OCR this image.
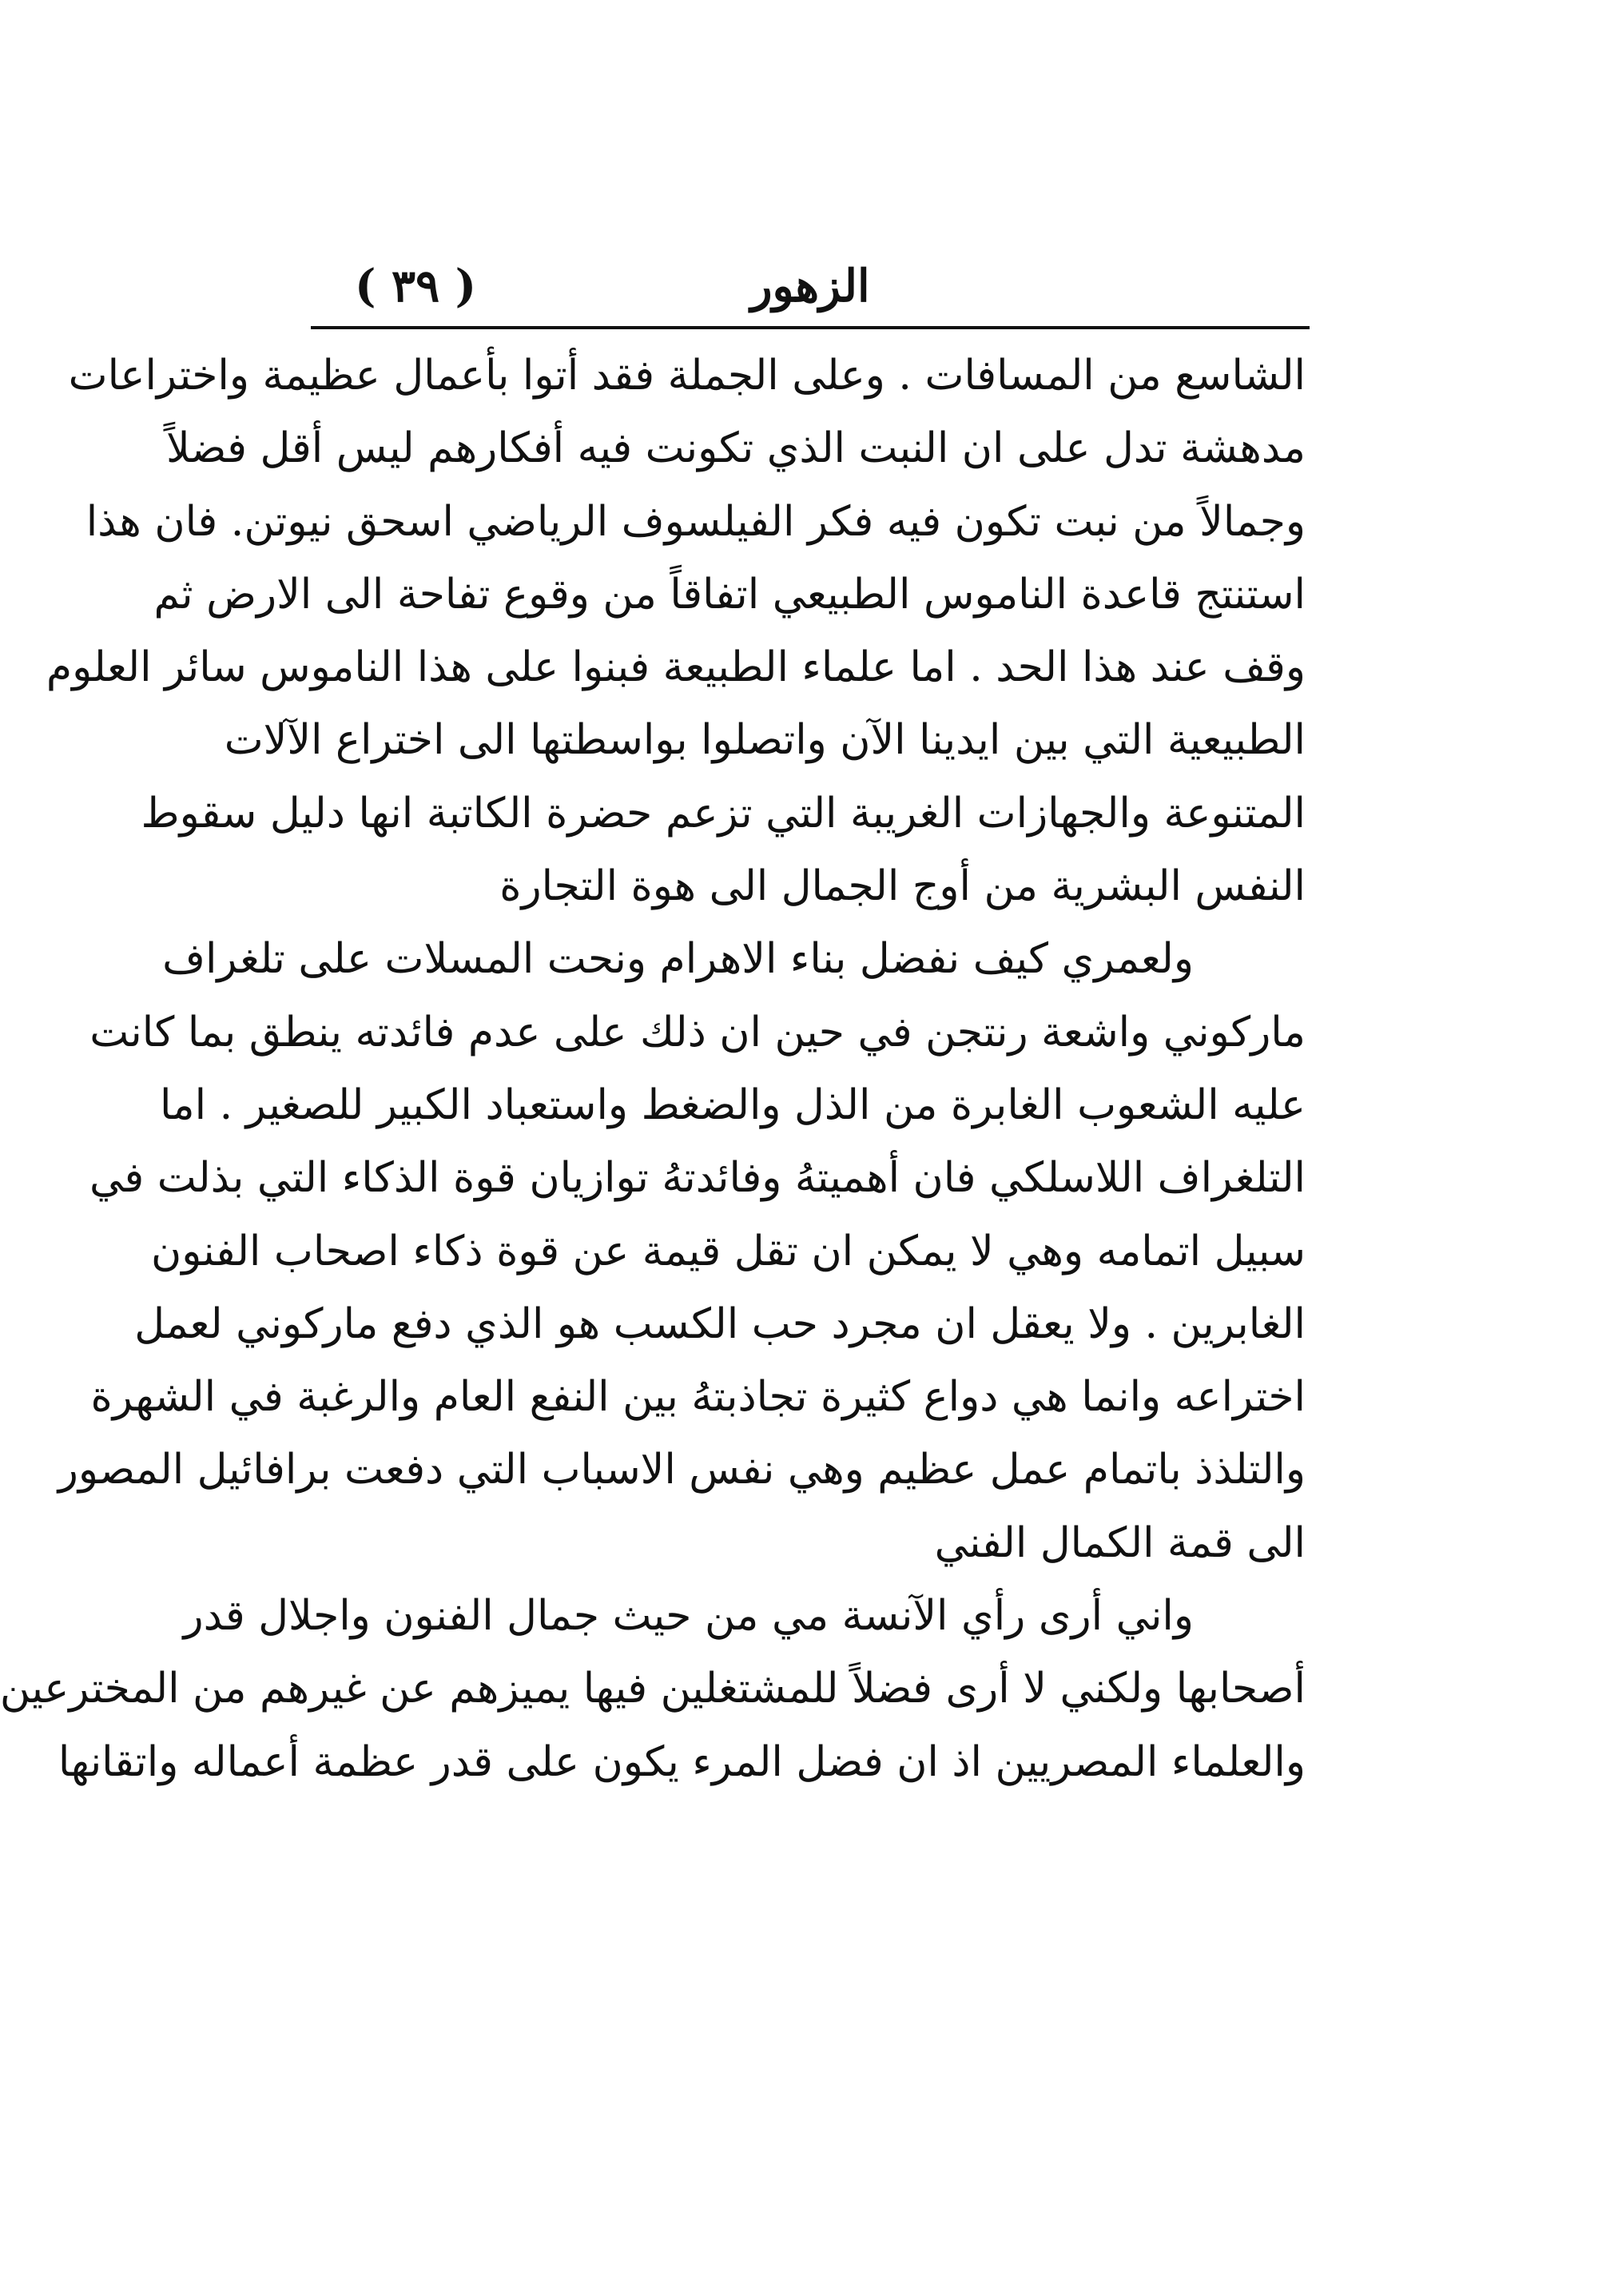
الزهور
( ٣٩ )
الشاسع من المسافات . وعلى الجملة فقد أتوا بأعمال عظيمة واختراعات
مدهشة تدل على ان النبت الذي تكونت فيه أفكارهم ليس أقل فضلاً
وجمالاً من نبت تكون فيه فكر الفيلسوف الرياضي اسحق نيوتن. فان هذا
استنتج قاعدة الناموس الطبيعي اتفاقاً من وقوع تفاحة الى الارض ثم
وقف عند هذا الحد . اما علماء الطبيعة فبنوا على هذا الناموس سائر العلوم
الطبيعية التي بين ايدينا الآن واتصلوا بواسطتها الى اختراع الآلات
المتنوعة والجهازات الغريبة التي تزعم حضرة الكاتبة انها دليل سقوط
النفس البشرية من أوج الجمال الى هوة التجارة
ولعمري كيف نفضل بناء الاهرام ونحت المسلات على تلغراف
ماركوني واشعة رنتجن في حين ان ذلك على عدم فائدته ينطق بما كانت
عليه الشعوب الغابرة من الذل والضغط واستعباد الكبير للصغير . اما
التلغراف اللاسلكي فان أهميتهُ وفائدتهُ توازيان قوة الذكاء التي بذلت في
سبيل اتمامه وهي لا يمكن ان تقل قيمة عن قوة ذكاء اصحاب الفنون
الغابرين . ولا يعقل ان مجرد حب الكسب هو الذي دفع ماركوني لعمل
اختراعه وانما هي دواع كثيرة تجاذبتهُ بين النفع العام والرغبة في الشهرة
والتلذذ باتمام عمل عظيم وهي نفس الاسباب التي دفعت برافائيل المصور
الى قمة الكمال الفني
واني أرى رأي الآنسة مي من حيث جمال الفنون واجلال قدر
أصحابها ولكني لا أرى فضلاً للمشتغلين فيها يميزهم عن غيرهم من المخترعين
والعلماء المصريين اذ ان فضل المرء يكون على قدر عظمة أعماله واتقانها
